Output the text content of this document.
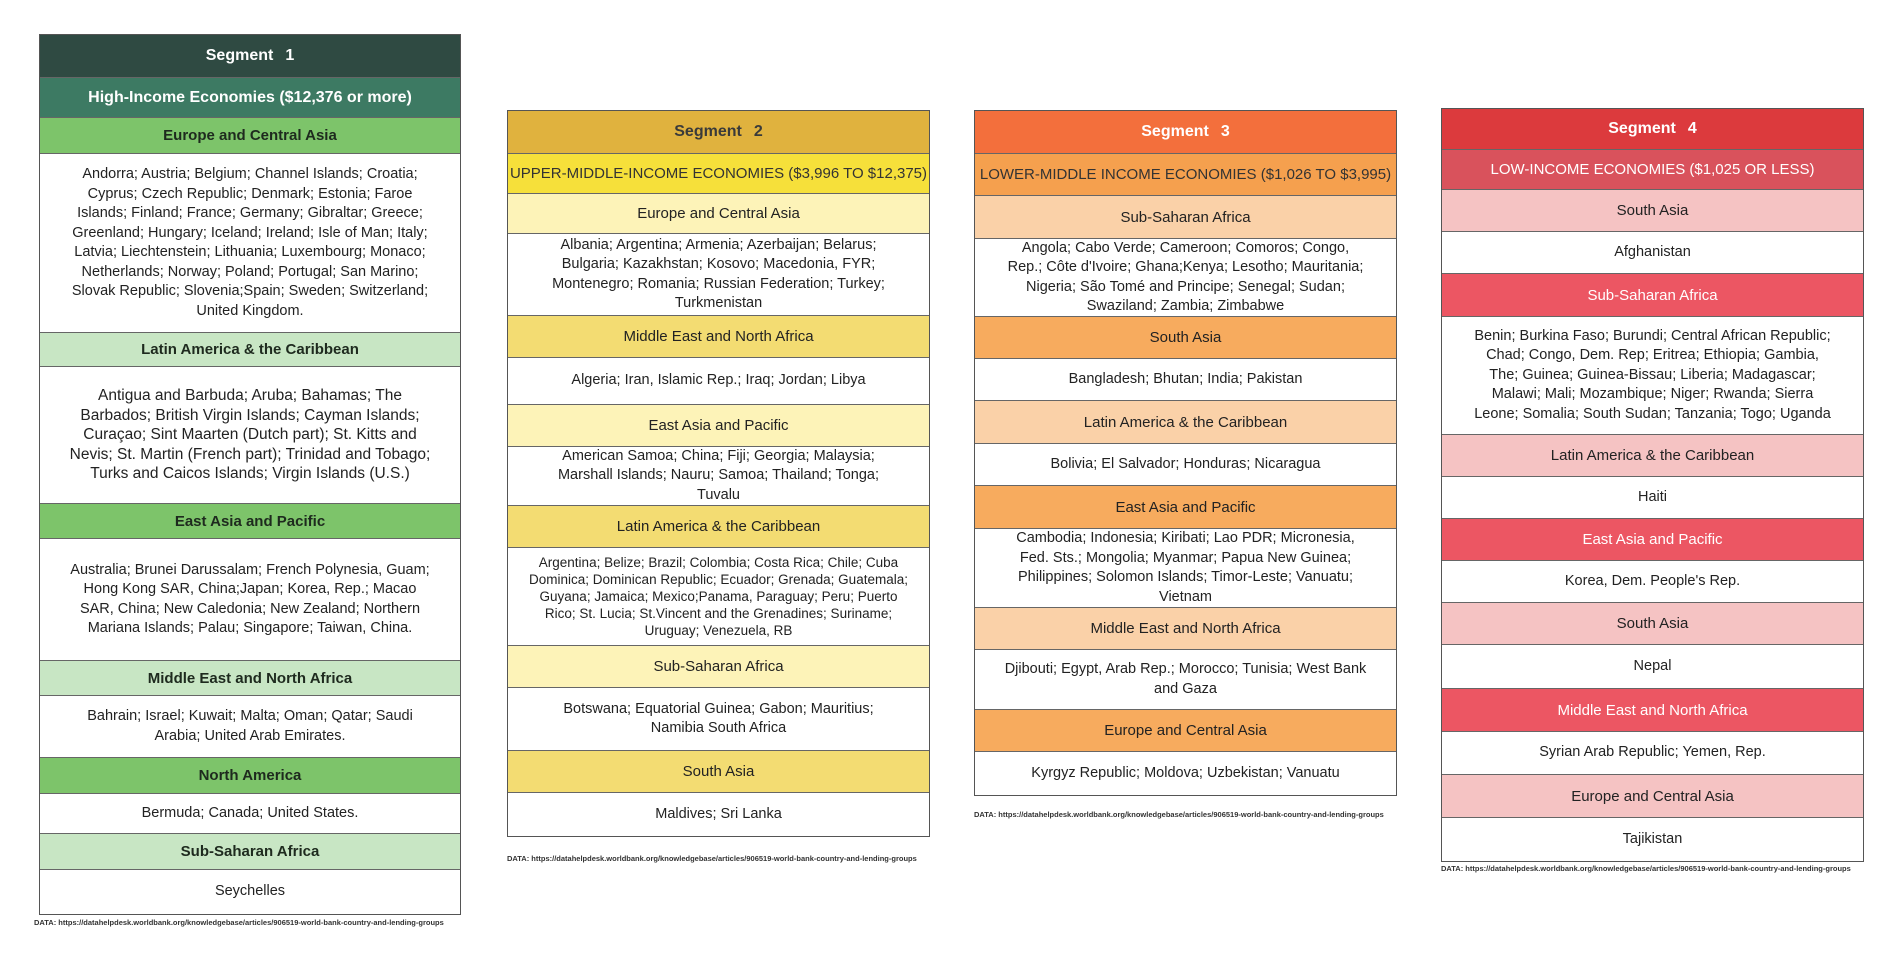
Segment 1
High-Income Economies ($12,376 or more)
Europe and Central Asia
Andorra; Austria; Belgium; Channel Islands; Croatia; Cyprus; Czech Republic; Denmark; Estonia; Faroe Islands; Finland; France; Germany; Gibraltar; Greece; Greenland; Hungary; Iceland; Ireland; Isle of Man; Italy; Latvia; Liechtenstein; Lithuania; Luxembourg; Monaco; Netherlands; Norway; Poland; Portugal; San Marino; Slovak Republic; Slovenia;Spain; Sweden; Switzerland; United Kingdom.
Latin America & the Caribbean
Antigua and Barbuda; Aruba; Bahamas; The Barbados; British Virgin Islands; Cayman Islands; Curaçao; Sint Maarten (Dutch part); St. Kitts and Nevis; St. Martin (French part); Trinidad and Tobago; Turks and Caicos Islands; Virgin Islands (U.S.)
East Asia and Pacific
Australia; Brunei Darussalam; French Polynesia, Guam; Hong Kong SAR, China;Japan; Korea, Rep.; Macao SAR, China; New Caledonia; New Zealand; Northern Mariana Islands; Palau; Singapore; Taiwan, China.
Middle East and North Africa
Bahrain; Israel; Kuwait; Malta; Oman; Qatar; Saudi Arabia; United Arab Emirates.
North America
Bermuda; Canada; United States.
Sub-Saharan Africa
Seychelles
DATA: https://datahelpdesk.worldbank.org/knowledgebase/articles/906519-world-bank-country-and-lending-groups
Segment 2
UPPER-MIDDLE-INCOME ECONOMIES ($3,996 TO $12,375)
Europe and Central Asia
Albania; Argentina; Armenia; Azerbaijan; Belarus; Bulgaria; Kazakhstan; Kosovo; Macedonia, FYR; Montenegro; Romania; Russian Federation; Turkey; Turkmenistan
Middle East and North Africa
Algeria; Iran, Islamic Rep.; Iraq; Jordan; Libya
East Asia and Pacific
American Samoa; China; Fiji; Georgia; Malaysia; Marshall Islands; Nauru; Samoa; Thailand; Tonga; Tuvalu
Latin America & the Caribbean
Argentina; Belize; Brazil; Colombia; Costa Rica; Chile; Cuba Dominica; Dominican Republic; Ecuador; Grenada; Guatemala; Guyana; Jamaica; Mexico;Panama, Paraguay; Peru; Puerto Rico; St. Lucia; St.Vincent and the Grenadines; Suriname; Uruguay; Venezuela, RB
Sub-Saharan Africa
Botswana; Equatorial Guinea; Gabon; Mauritius; Namibia South Africa
South Asia
Maldives; Sri Lanka
DATA: https://datahelpdesk.worldbank.org/knowledgebase/articles/906519-world-bank-country-and-lending-groups
Segment 3
LOWER-MIDDLE INCOME ECONOMIES ($1,026 TO $3,995)
Sub-Saharan Africa
Angola; Cabo Verde; Cameroon; Comoros; Congo, Rep.; Côte d'Ivoire; Ghana;Kenya; Lesotho; Mauritania; Nigeria; São Tomé and Principe; Senegal; Sudan; Swaziland; Zambia; Zimbabwe
South Asia
Bangladesh; Bhutan; India; Pakistan
Latin America & the Caribbean
Bolivia; El Salvador; Honduras; Nicaragua
East Asia and Pacific
Cambodia; Indonesia; Kiribati; Lao PDR; Micronesia, Fed. Sts.; Mongolia; Myanmar; Papua New Guinea; Philippines; Solomon Islands; Timor-Leste; Vanuatu; Vietnam
Middle East and North Africa
Djibouti; Egypt, Arab Rep.; Morocco; Tunisia; West Bank and Gaza
Europe and Central Asia
Kyrgyz Republic; Moldova; Uzbekistan; Vanuatu
DATA: https://datahelpdesk.worldbank.org/knowledgebase/articles/906519-world-bank-country-and-lending-groups
Segment 4
LOW-INCOME ECONOMIES ($1,025 OR LESS)
South Asia
Afghanistan
Sub-Saharan Africa
Benin; Burkina Faso; Burundi; Central African Republic; Chad; Congo, Dem. Rep; Eritrea; Ethiopia; Gambia, The; Guinea; Guinea-Bissau; Liberia; Madagascar; Malawi; Mali; Mozambique; Niger; Rwanda; Sierra Leone; Somalia; South Sudan; Tanzania; Togo; Uganda
Latin America & the Caribbean
Haiti
East Asia and Pacific
Korea, Dem. People's Rep.
South Asia
Nepal
Middle East and North Africa
Syrian Arab Republic; Yemen, Rep.
Europe and Central Asia
Tajikistan
DATA: https://datahelpdesk.worldbank.org/knowledgebase/articles/906519-world-bank-country-and-lending-groups
